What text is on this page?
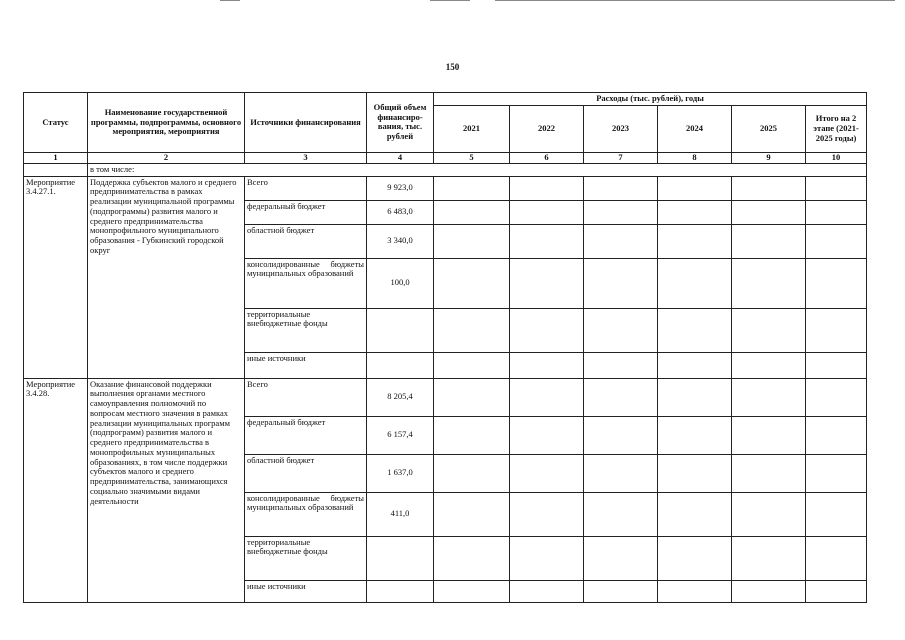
150
Статус	Наименование государственной программы, подпрограммы, основного мероприятия, мероприятия	Источники финансирования	Общий объем финансиро-вания, тыс. рублей	Расходы (тыс. рублей), годы					
				2021	2022	2023	2024	2025	Итого на 2 этапе (2021-2025 годы)
1	2	3	4	5	6	7	8	9	10
	в том числе:								
Мероприятие 3.4.27.1.	Поддержка субъектов малого и среднего предпринимательства в рамках реализации муниципальной программы (подпрограммы) развития малого и среднего предпринимательства монопрофильного муниципального образования - Губкинский городской округ	Всего	9 923,0						
		федеральный бюджет	6 483,0						
		областной бюджет	3 340,0						
		консолидированные бюджеты муниципальных образований	100,0						
		территориальные внебюджетные фонды							
		иные источники							
Мероприятие 3.4.28.	Оказание финансовой поддержки выполнения органами местного самоуправления полномочий по вопросам местного значения в рамках реализации муниципальных программ (подпрограмм) развития малого и среднего предпринимательства в монопрофильных муниципальных образованиях, в том числе поддержки субъектов малого и среднего предпринимательства, занимающихся социально значимыми видами деятельности	Всего	8 205,4						
		федеральный бюджет	6 157,4						
		областной бюджет	1 637,0						
		консолидированные бюджеты муниципальных образований	411,0						
		территориальные внебюджетные фонды							
		иные источники							
